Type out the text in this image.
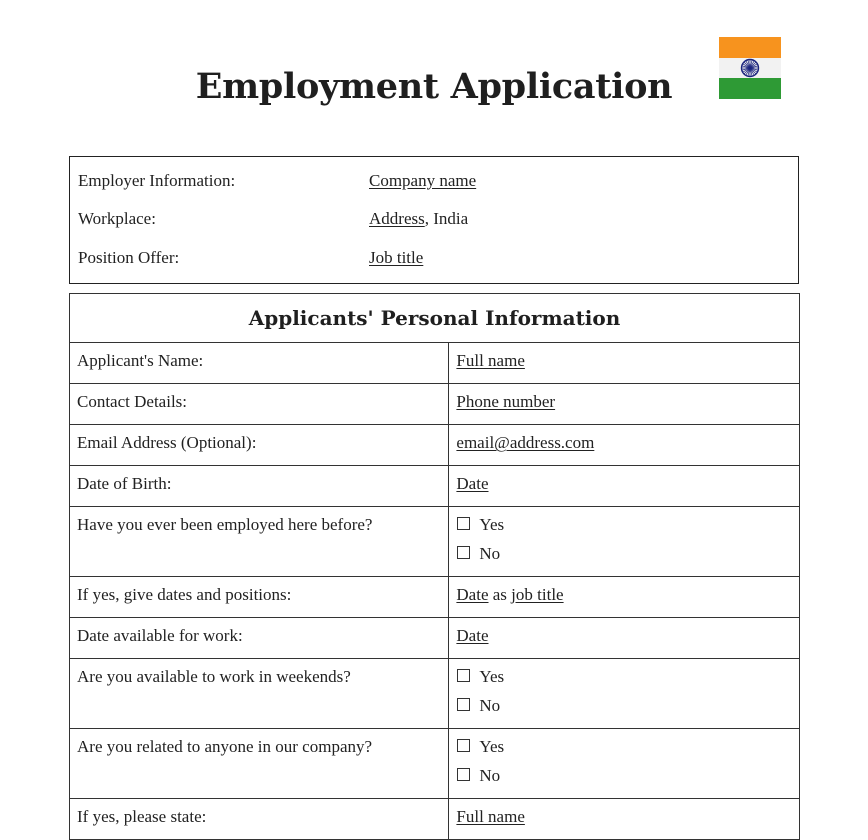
Employment Application
Employer Information:	Company name
Workplace:	Address, India
Position Offer:	Job title
Applicants' Personal Information	
Applicant's Name:	Full name
Contact Details:	Phone number
Email Address (Optional):	email@address.com
Date of Birth:	Date
Have you ever been employed here before?	Yes
No

If yes, give dates and positions:	Date as job title
Date available for work:	Date
Are you available to work in weekends?	Yes
No

Are you related to anyone in our company?	Yes
No

If yes, please state:	Full name
